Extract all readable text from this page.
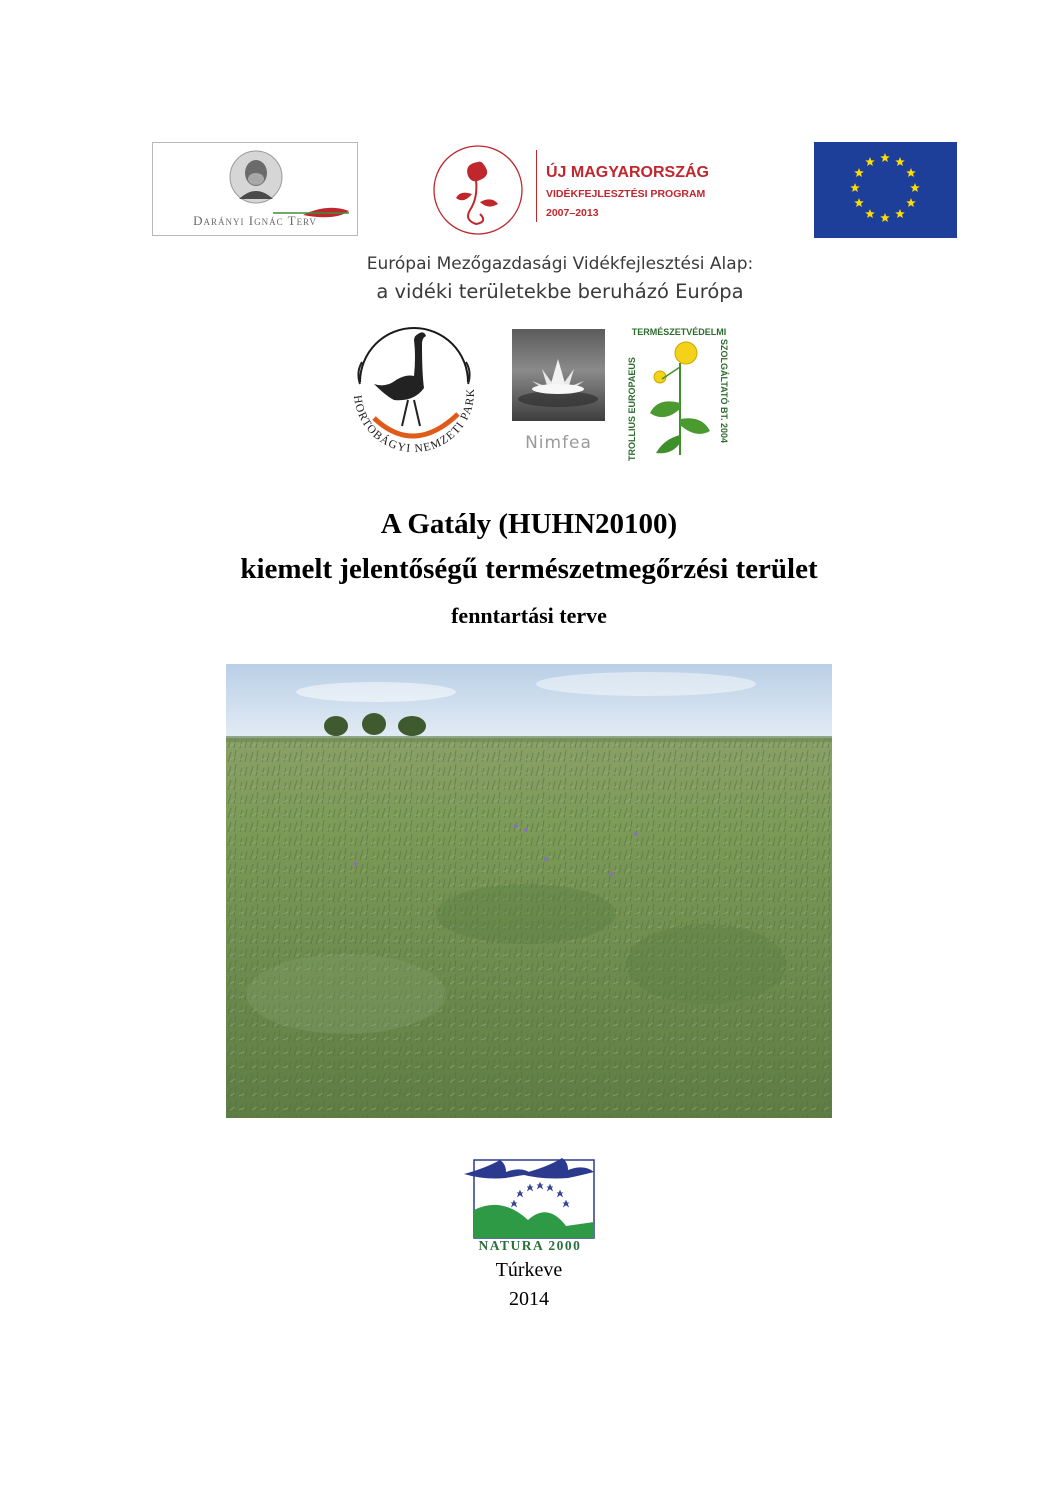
Darányi Ignác Terv
ÚJ MAGYARORSZÁG
VIDÉKFEJLESZTÉSI PROGRAM
2007–2013
Európai Mezőgazdasági Vidékfejlesztési Alap:
a vidéki területekbe beruházó Európa
HORTOBÁGYI NEMZETI PARK
Nimfea
TERMÉSZETVÉDELMI
TROLLIUS EUROPAEUS	SZOLGÁLTATÓ BT. 2004
A Gatály (HUHN20100)
kiemelt jelentőségű természetmegőrzési terület
fenntartási terve
NATURA 2000
Túrkeve
2014
